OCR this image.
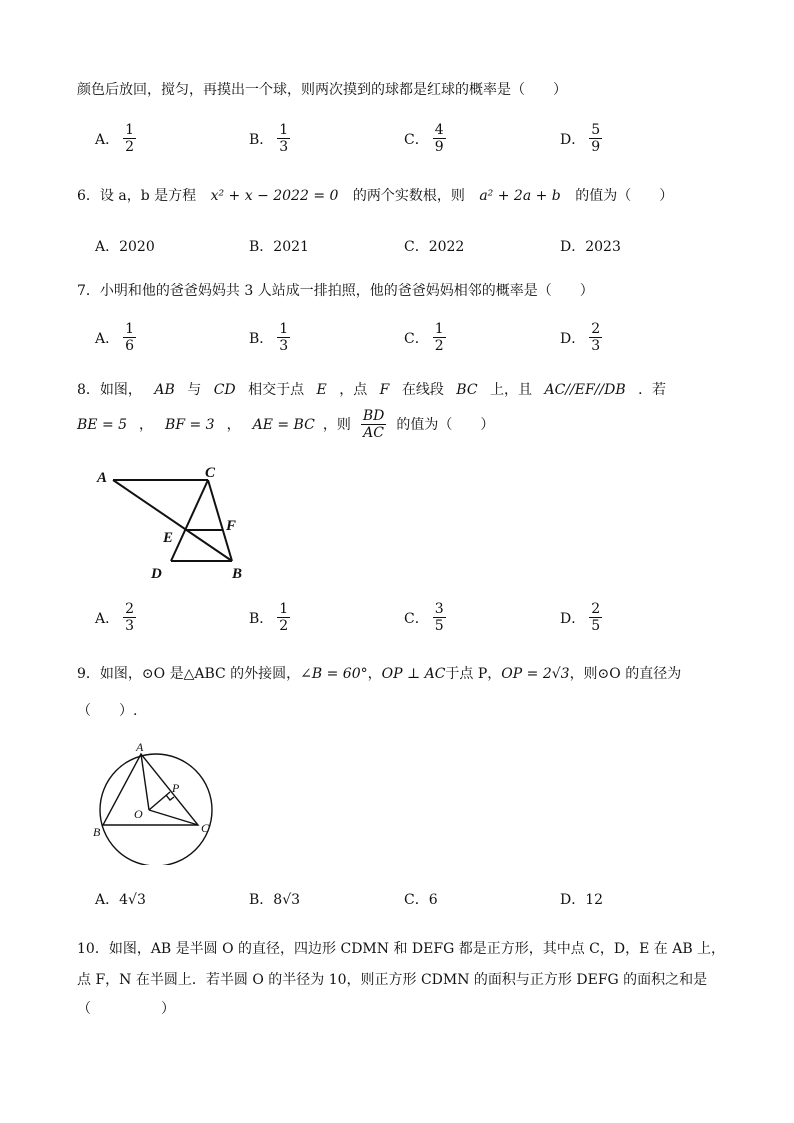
颜色后放回，搅匀，再摸出一个球，则两次摸到的球都是红球的概率是（　　）
A． $\frac{1}{2}$	B． $\frac{1}{3}$	C． $\frac{4}{9}$	D． $\frac{5}{9}$
6．设 a，b 是方程 x² + x − 2022 = 0 的两个实数根，则 a² + 2a + b 的值为（　　）
A．2020	B．2021	C．2022	D．2023
7．小明和他的爸爸妈妈共 3 人站成一排拍照，他的爸爸妈妈相邻的概率是（　　）
A． $\frac{1}{6}$	B． $\frac{1}{3}$	C． $\frac{1}{2}$	D． $\frac{2}{3}$
8．如图， AB 与 CD 相交于点 E ，点 F 在线段 BC 上，且 AC//EF//DB ．若
BE = 5 ， BF = 3 ， AE = BC ，则 $\frac{BD}{AC}$ 的值为（　　）
A	C
E
F
D	B
A． $\frac{2}{3}$	B． $\frac{1}{2}$	C． $\frac{3}{5}$	D． $\frac{2}{5}$
9．如图，⊙O 是△ABC 的外接圆，∠B = 60°，OP ⊥ AC于点 P，OP = 2√3，则⊙O 的直径为
（　　）.
A
P
O
B	C
A．4√3	B．8√3	C．6	D．12
10．如图，AB 是半圆 O 的直径，四边形 CDMN 和 DEFG 都是正方形，其中点 C，D，E 在 AB 上，
点 F，N 在半圆上．若半圆 O 的半径为 10，则正方形 CDMN 的面积与正方形 DEFG 的面积之和是
（　　　　　）
